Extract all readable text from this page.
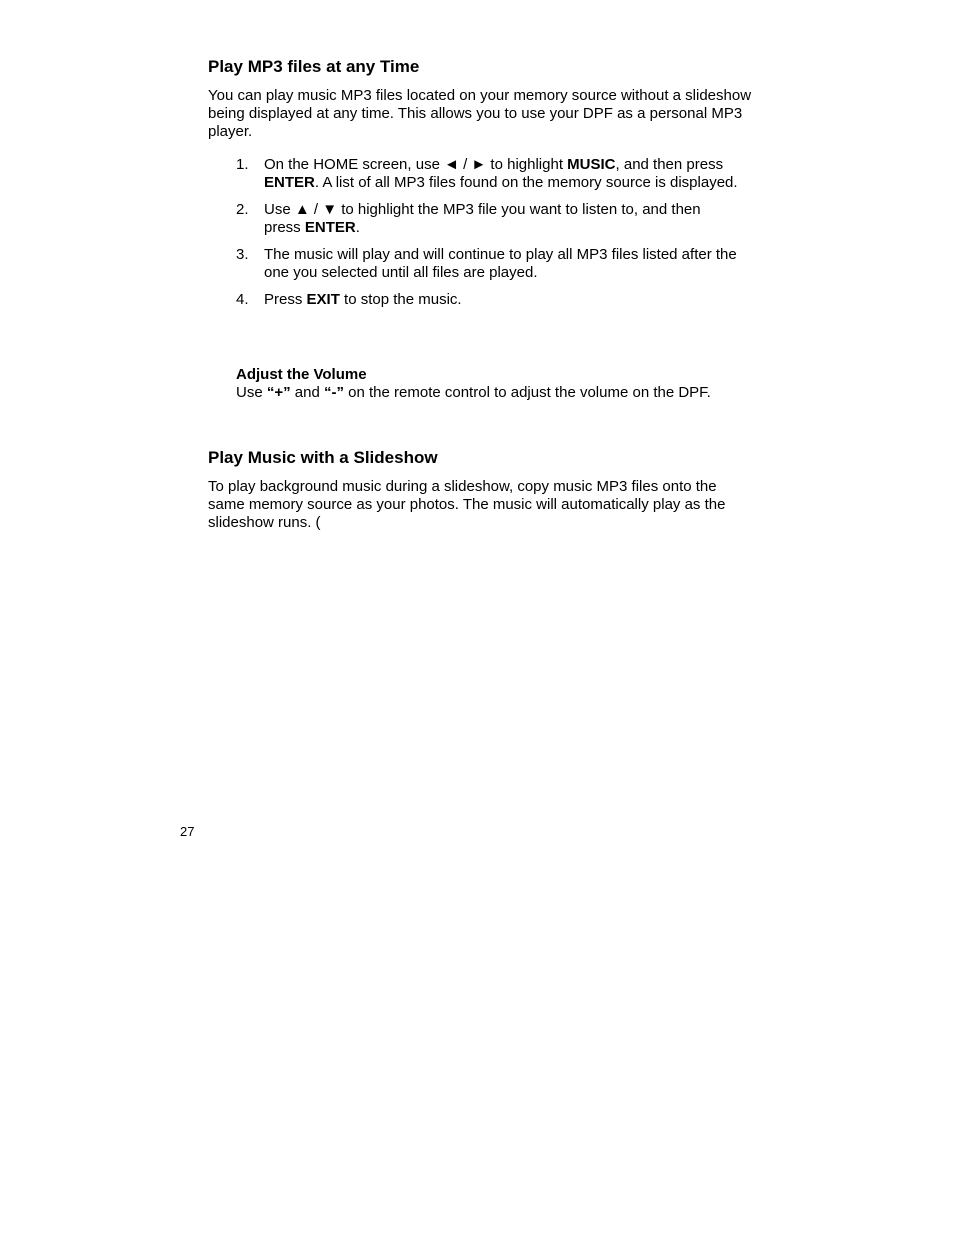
Play MP3 files at any Time

You can play music MP3 files located on your memory source without a slideshow being displayed at any time. This allows you to use your DPF as a personal MP3 player.

1. On the HOME screen, use ◄ / ► to highlight MUSIC, and then press ENTER. A list of all MP3 files found on the memory source is displayed.
2. Use ▲ / ▼ to highlight the MP3 file you want to listen to, and then press ENTER.
3. The music will play and will continue to play all MP3 files listed after the one you selected until all files are played.
4. Press EXIT to stop the music.
Adjust the Volume

Use “+” and “-” on the remote control to adjust the volume on the DPF.

Play Music with a Slideshow

To play background music during a slideshow, copy music MP3 files onto the same memory source as your photos. The music will automatically play as the slideshow runs. (

27
